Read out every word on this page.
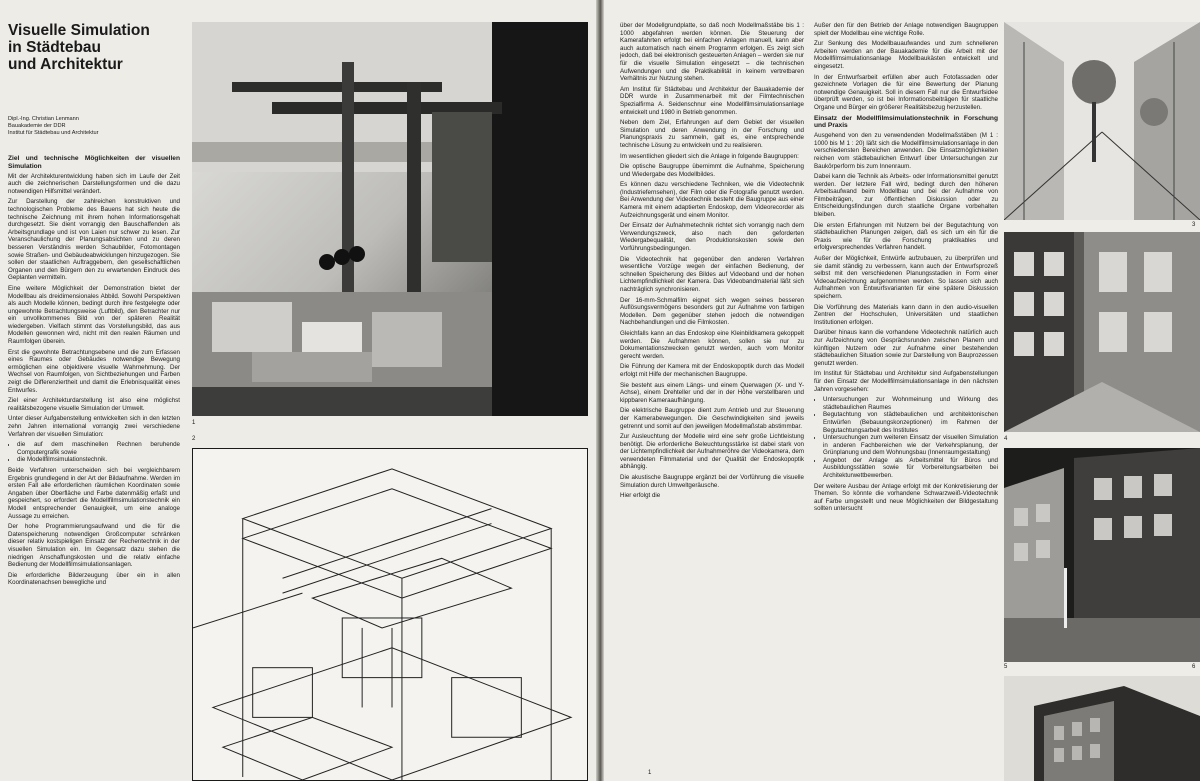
Visuelle Simulation
in Städtebau
und Architektur
Dipl.-Ing. Christian Lenmann
Bauakademie der DDR
Institut für Städtebau und Architektur
Ziel und technische Möglichkeiten der visuellen Simulation

Mit der Architekturentwicklung haben sich im Laufe der Zeit auch die zeichnerischen Darstellungsformen und die dazu notwendigen Hilfsmittel verändert.

Zur Darstellung der zahlreichen konstruktiven und technologischen Probleme des Bauens hat sich heute die technische Zeichnung mit ihrem hohen Informationsgehalt durchgesetzt. Sie dient vorrangig den Bauschaffenden als Arbeitsgrundlage und ist von Laien nur schwer zu lesen. Zur Veranschaulichung der Planungsabsichten und zu deren besseren Verständnis werden Schaubilder, Fotomontagen sowie Straßen- und Gebäudeabwicklungen hinzugezogen. Sie sollen der staatlichen Auftraggebern, den gesellschaftlichen Organen und den Bürgern den zu erwartenden Eindruck des Geplanten vermitteln.

Eine weitere Möglichkeit der Demonstration bietet der Modellbau als dreidimensionales Abbild. Sowohl Perspektiven als auch Modelle können, bedingt durch ihre festgelegte oder ungewohnte Betrachtungsweise (Luftbild), den Betrachter nur ein unvollkommenes Bild von der späteren Realität wiedergeben. Vielfach stimmt das Vorstellungsbild, das aus Modellen gewonnen wird, nicht mit den realen Räumen und Raumfolgen überein.

Erst die gewohnte Betrachtungsebene und die zum Erfassen eines Raumes oder Gebäudes notwendige Bewegung ermöglichen eine objektivere visuelle Wahrnehmung. Der Wechsel von Raumfolgen, von Sichtbeziehungen und Farben zeigt die Differenziertheit und damit die Erlebnisqualität eines Entwurfes.

Ziel einer Architekturdarstellung ist also eine möglichst realitätsbezogene visuelle Simulation der Umwelt.

Unter dieser Aufgabenstellung entwickelten sich in den letzten zehn Jahren international vorrangig zwei verschiedene Verfahren der visuellen Simulation:

• die auf dem maschinellen Rechnen beruhende Computergrafik sowie
• die Modellfilmsimulationstechnik.

Beide Verfahren unterscheiden sich bei vergleichbarem Ergebnis grundlegend in der Art der Bildaufnahme. Werden im ersten Fall alle erforderlichen räumlichen Koordinaten sowie Angaben über Oberfläche und Farbe datenmäßig erfaßt und gespeichert, so erfordert die Modellfilmsimulationstechnik ein Modell entsprechender Genauigkeit, um eine analoge Aussage zu erreichen.

Der hohe Programmierungsaufwand und die für die Datenspeicherung notwendigen Großcomputer schränken dieser relativ kostspieligen Einsatz der Rechentechnik in der visuellen Simulation ein. Im Gegensatz dazu stehen die niedrigen Anschaffungskosten und die relativ einfache Bedienung der Modellfilmsimulationsanlagen.

Die erforderliche Bilderzeugung über ein in allen Koordinatenachsen bewegliche und

1
2

über der Modellgrundplatte, so daß noch Modellmaßstäbe bis 1 : 1000 abgefahren werden können. Die Steuerung der Kamerafahrten erfolgt bei einfachen Anlagen manuell, kann aber auch automatisch nach einem Programm erfolgen. Es zeigt sich jedoch, daß bei elektronisch gesteuerten Anlagen – werden sie nur für die visuelle Simulation eingesetzt – die technischen Aufwendungen und die Praktikabilität in keinem vertretbaren Verhältnis zur Nutzung stehen.

Am Institut für Städtebau und Architektur der Bauakademie der DDR wurde in Zusammenarbeit mit der Filmtechnischen Spezialfirma A. Seidenschnur eine Modellfilmsimulationsanlage entwickelt und 1980 in Betrieb genommen.

Neben dem Ziel, Erfahrungen auf dem Gebiet der visuellen Simulation und deren Anwendung in der Forschung und Planungspraxis zu sammeln, galt es, eine entsprechende technische Lösung zu entwickeln und zu realisieren.

Im wesentlichen gliedert sich die Anlage in folgende Baugruppen:

Die optische Baugruppe übernimmt die Aufnahme, Speicherung und Wiedergabe des Modellbildes.

Es können dazu verschiedene Techniken, wie die Videotechnik (Industriefernsehen), der Film oder die Fotografie genutzt werden. Bei Anwendung der Videotechnik besteht die Baugruppe aus einer Kamera mit einem adaptierten Endoskop, dem Videorecorder als Aufzeichnungsgerät und einem Monitor.

Der Einsatz der Aufnahmetechnik richtet sich vorrangig nach dem Verwendungszweck, also nach den geforderten Wiedergabequalität, den Produktionskosten sowie den Vorführungsbedingungen.

Die Videotechnik hat gegenüber den anderen Verfahren wesentliche Vorzüge wegen der einfachen Bedienung, der schnellen Speicherung des Bildes auf Videoband und der hohen Lichtempfindlichkeit der Kamera. Das Videobandmaterial läßt sich nachträglich synchronisieren.

Der 16-mm-Schmalfilm eignet sich wegen seines besseren Auflösungsvermögens besonders gut zur Aufnahme von farbigen Modellen. Dem gegenüber stehen jedoch die notwendigen Nachbehandlungen und die Filmkosten.

Gleichfalls kann an das Endoskop eine Kleinbildkamera gekoppelt werden. Die Aufnahmen können, sollen sie nur zu Dokumentationszwecken genutzt werden, auch vom Monitor gerecht werden.

Die Führung der Kamera mit der Endoskopoptik durch das Modell erfolgt mit Hilfe der mechanischen Baugruppe.

Sie besteht aus einem Längs- und einem Querwagen (X- und Y-Achse), einem Drehteller und der in der Höhe verstellbaren und kippbaren Kameraaufhängung.

Die elektrische Baugruppe dient zum Antrieb und zur Steuerung der Kamerabewegungen. Die Geschwindigkeiten sind jeweils getrennt und somit auf den jeweiligen Modellmaßstab abstimmbar.

Zur Ausleuchtung der Modelle wird eine sehr große Lichtleistung benötigt. Die erforderliche Beleuchtungsstärke ist dabei stark von der Lichtempfindlichkeit der Aufnahmeröhre der Videokamera, dem verwendeten Filmmaterial und der Qualität der Endoskopoptik abhängig.

Die akustische Baugruppe ergänzt bei der Vorführung die visuelle Simulation durch Umweltgeräusche.

Hier erfolgt die

Außer den für den Betrieb der Anlage notwendigen Baugruppen spielt der Modellbau eine wichtige Rolle.

Zur Senkung des Modellbauaufwandes und zum schnelleren Arbeiten werden an der Bauakademie für die Arbeit mit der Modellfilmsimulationsanlage Modellbaukästen entwickelt und eingesetzt.

In der Entwurfsarbeit erfüllen aber auch Fotofassaden oder gezeichnete Vorlagen die für eine Bewertung der Planung notwendige Genauigkeit. Soll in diesem Fall nur die Entwurfsidee überprüft werden, so ist bei Informationsbeiträgen für staatliche Organe und Bürger ein größerer Realitätsbezug herzustellen.

Einsatz der Modellfilmsimulationstechnik in Forschung und Praxis

Ausgehend von den zu verwendenden Modellmaßstäben (M 1 : 1000 bis M 1 : 20) läßt sich die Modellfilmsimulationsanlage in den verschiedensten Bereichen anwenden. Die Einsatzmöglichkeiten reichen vom städtebaulichen Entwurf über Untersuchungen zur Baukörperform bis zum Innenraum.

Dabei kann die Technik als Arbeits- oder Informationsmittel genutzt werden. Der letztere Fall wird, bedingt durch den höheren Arbeitsaufwand beim Modellbau und bei der Aufnahme von Filmbeiträgen, zur öffentlichen Diskussion oder zu Entscheidungsfindungen durch staatliche Organe vorbehalten bleiben.

Die ersten Erfahrungen mit Nutzern bei der Begutachtung von städtebaulichen Planungen zeigen, daß es sich um ein für die Praxis wie für die Forschung praktikables und erfolgversprechendes Verfahren handelt.

Außer der Möglichkeit, Entwürfe aufzubauen, zu überprüfen und sie damit ständig zu verbessern, kann auch der Entwurfsprozeß selbst mit den verschiedenen Planungsstadien in Form einer Videoaufzeichnung aufgenommen werden. So lassen sich auch Aufnahmen von Entwurfsvarianten für eine spätere Diskussion speichern.

Die Vorführung des Materials kann dann in den audio-visuellen Zentren der Hochschulen, Universitäten und staatlichen Institutionen erfolgen.

Darüber hinaus kann die vorhandene Videotechnik natürlich auch zur Aufzeichnung von Gesprächsrunden zwischen Planern und künftigen Nutzern oder zur Aufnahme einer bestehenden städtebaulichen Situation sowie zur Darstellung von Bauprozessen genutzt werden.

Im Institut für Städtebau und Architektur sind Aufgabenstellungen für den Einsatz der Modellfilmsimulationsanlage in den nächsten Jahren vorgesehen:

• Untersuchungen zur Wohnmeinung und Wirkung des städtebaulichen Raumes
• Begutachtung von städtebaulichen und architektonischen Entwürfen (Bebauungskonzeptionen) im Rahmen der Begutachtungsarbeit des Institutes
• Untersuchungen zum weiteren Einsatz der visuellen Simulation in anderen Fachbereichen wie der Verkehrsplanung, der Grünplanung und dem Wohnungsbau (Innenraumgestaltung)
• Angebot der Anlage als Arbeitsmittel für Büros und Ausbildungsstätten sowie für Vorbereitungsarbeiten bei Architekturwettbewerben.

Der weitere Ausbau der Anlage erfolgt mit der Konkretisierung der Themen. So könnte die vorhandene Schwarzweiß-Videotechnik auf Farbe umgestellt und neue Möglichkeiten der Bildgestaltung sollten untersucht

3
4
5	6
1
